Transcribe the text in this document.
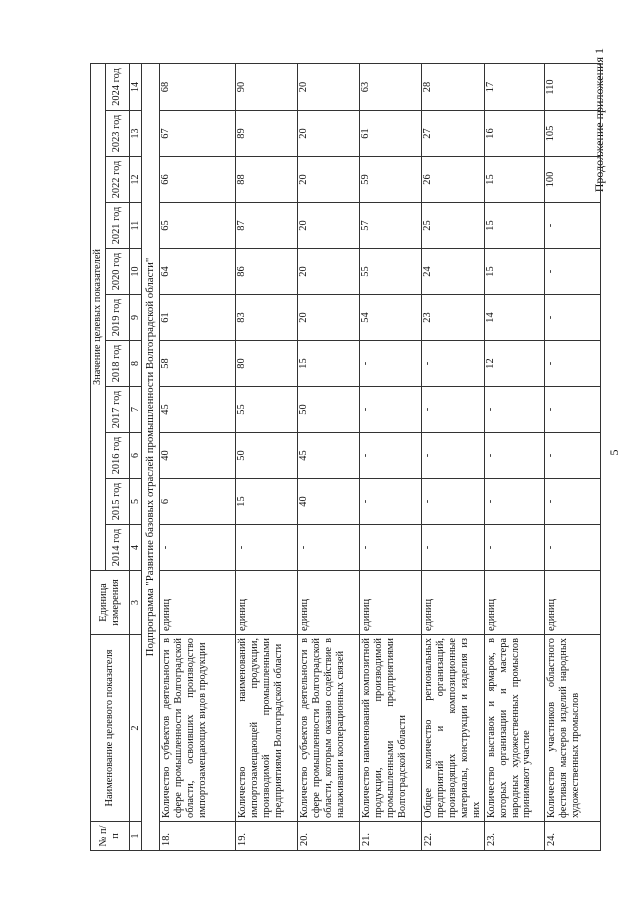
5
Продолжение приложения 1
№ п/п	Наименование целевого показателя	Единица измерения	Значение целевых показателей										
			2014 год	2015 год	2016 год	2017 год	2018 год	2019 год	2020 год	2021 год	2022 год	2023 год	2024 год
1	2	3	4	5	6	7	8	9	10	11	12	13	14
Подпрограмма "Развитие базовых отраслей промышленности Волгоградской области"													
18.	Количество субъектов деятельности в сфере промышленности Волгоградской области, освоивших производство импортозамещающих видов продукции	единиц	-	6	40	45	58	61	64	65	66	67	68
19.	Количество наименований импортозамещающей продукции, производимой промышленными предприятиями Волгоградской области	единиц	-	15	50	55	80	83	86	87	88	89	90
20.	Количество субъектов деятельности в сфере промышленности Волгоградской области, которым оказано содействие в налаживании кооперационных связей	единиц	-	40	45	50	15	20	20	20	20	20	20
21.	Количество наименований композитной продукции, производимой промышленными предприятиями Волгоградской области	единиц	-	-	-	-	-	54	55	57	59	61	63
22.	Общее количество региональных предприятий и организаций, производящих композиционные материалы, конструкции и изделия из них	единиц	-	-	-	-	-	23	24	25	26	27	28
23.	Количество выставок и ярмарок, в которых организации и мастера народных художественных промыслов принимают участие	единиц	-	-	-	-	12	14	15	15	15	16	17
24.	Количество участников областного фестиваля мастеров изделий народных художественных промыслов	единиц	-	-	-	-	-	-	-	-	100	105	110
